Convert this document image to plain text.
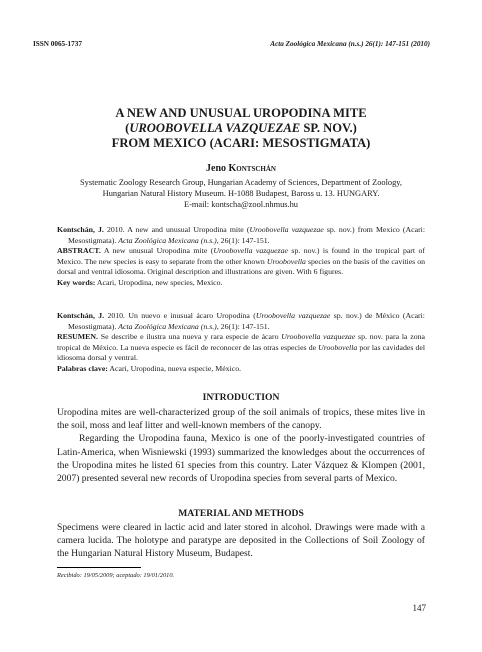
ISSN 0065-1737	Acta Zoológica Mexicana (n.s.) 26(1): 147-151 (2010)
A NEW AND UNUSUAL UROPODINA MITE
(UROOBOVELLA VAZQUEZAE SP. NOV.)
FROM MEXICO (ACARI: MESOSTIGMATA)
Jeno Kontschán
Systematic Zoology Research Group, Hungarian Academy of Sciences, Department of Zoology,
Hungarian Natural History Museum. H-1088 Budapest, Baross u. 13. HUNGARY.
E-mail: kontscha@zool.nhmus.hu
Kontschán, J. 2010. A new and unusual Uropodina mite (Uroobovella vazquezae sp. nov.) from Mexico (Acari: Mesostigmata). Acta Zoológica Mexicana (n.s.), 26(1): 147-151.
ABSTRACT. A new unusual Uropodina mite (Uroobovella vazquezae sp. nov.) is found in the tropical part of Mexico. The new species is easy to separate from the other known Uroobovella species on the basis of the cavities on dorsal and ventral idiosoma. Original description and illustrations are given. With 6 figures.
Key words: Acari, Uropodina, new species, Mexico.
Kontschán, J. 2010. Un nuevo e inusual ácaro Uropodina (Uroobovella vazquezae sp. nov.) de México (Acari: Mesostigmata). Acta Zoológica Mexicana (n.s.), 26(1): 147-151.
RESUMEN. Se describe e ilustra una nueva y rara especie de ácaro Uroobovella vazquezae sp. nov. para la zona tropical de México. La nueva especie es fácil de reconocer de las otras especies de Uroobovella por las cavidades del idiosoma dorsal y ventral.
Palabras clave: Acari, Uropodina, nueva especie, México.
INTRODUCTION

Uropodina mites are well-characterized group of the soil animals of tropics, these mites live in the soil, moss and leaf litter and well-known members of the canopy.

Regarding the Uropodina fauna, Mexico is one of the poorly-investigated countries of Latin-America, when Wisniewski (1993) summarized the knowledges about the occurrences of the Uropodina mites he listed 61 species from this country. Later Vázquez & Klompen (2001, 2007) presented several new records of Uropodina species from several parts of Mexico.

MATERIAL AND METHODS

Specimens were cleared in lactic acid and later stored in alcohol. Drawings were made with a camera lucida. The holotype and paratype are deposited in the Collections of Soil Zoology of the Hungarian Natural History Museum, Budapest.

Recibido: 19/05/2009; aceptado: 19/01/2010.
147
